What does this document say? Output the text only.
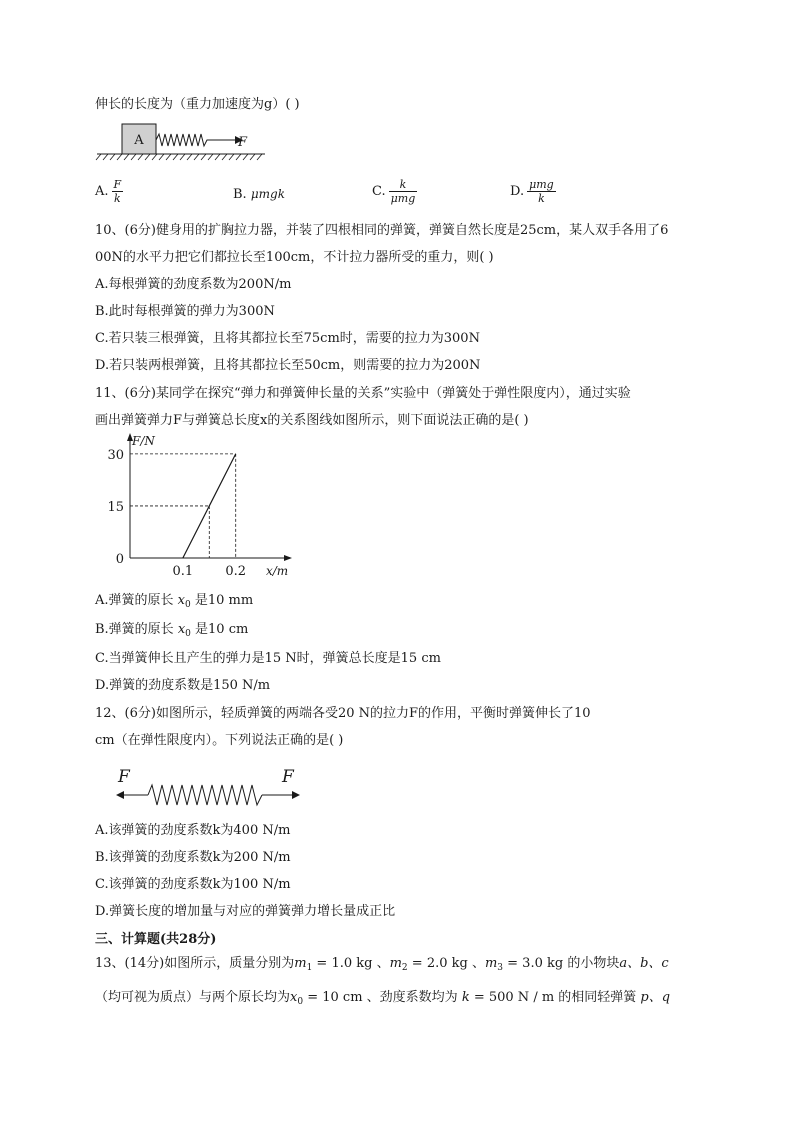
伸长的长度为（重力加速度为g）( )
A	F
A. $\frac{F}{k}$	B. μmgk	C. $\frac{k}{\text{μmg}}$	D. $\frac{\text{μmg}}{k}$
10、(6分)健身用的扩胸拉力器，并装了四根相同的弹簧，弹簧自然长度是25cm，某人双手各用了6
00N的水平力把它们都拉长至100cm，不计拉力器所受的重力，则( )
A.每根弹簧的劲度系数为200N/m
B.此时每根弹簧的弹力为300N
C.若只装三根弹簧，且将其都拉长至75cm时，需要的拉力为300N
D.若只装两根弹簧，且将其都拉长至50cm，则需要的拉力为200N
11、(6分)某同学在探究“弹力和弹簧伸长量的关系”实验中（弹簧处于弹性限度内），通过实验
画出弹簧弹力F与弹簧总长度x的关系图线如图所示，则下面说法正确的是( )
F/N
x/m
0
15
30
0.1 0.2
A.弹簧的原长 $x_0$ 是10 mm
B.弹簧的原长 $x_0$ 是10 cm
C.当弹簧伸长且产生的弹力是15 N时，弹簧总长度是15 cm
D.弹簧的劲度系数是150 N/m
12、(6分)如图所示，轻质弹簧的两端各受20 N的拉力F的作用，平衡时弹簧伸长了10
cm（在弹性限度内）。下列说法正确的是( )
F	F
A.该弹簧的劲度系数k为400 N/m
B.该弹簧的劲度系数k为200 N/m
C.该弹簧的劲度系数k为100 N/m
D.弹簧长度的增加量与对应的弹簧弹力增长量成正比
三、计算题(共28分)
13、(14分)如图所示，质量分别为$m_1 = 1.0$ kg 、$m_2 = 2.0$ kg 、$m_3 = 3.0$ kg 的小物块a、b、c
（均可视为质点）与两个原长均为$x_0 = 10$ cm 、劲度系数均为 k = 500 N / m 的相同轻弹簧 p、q
